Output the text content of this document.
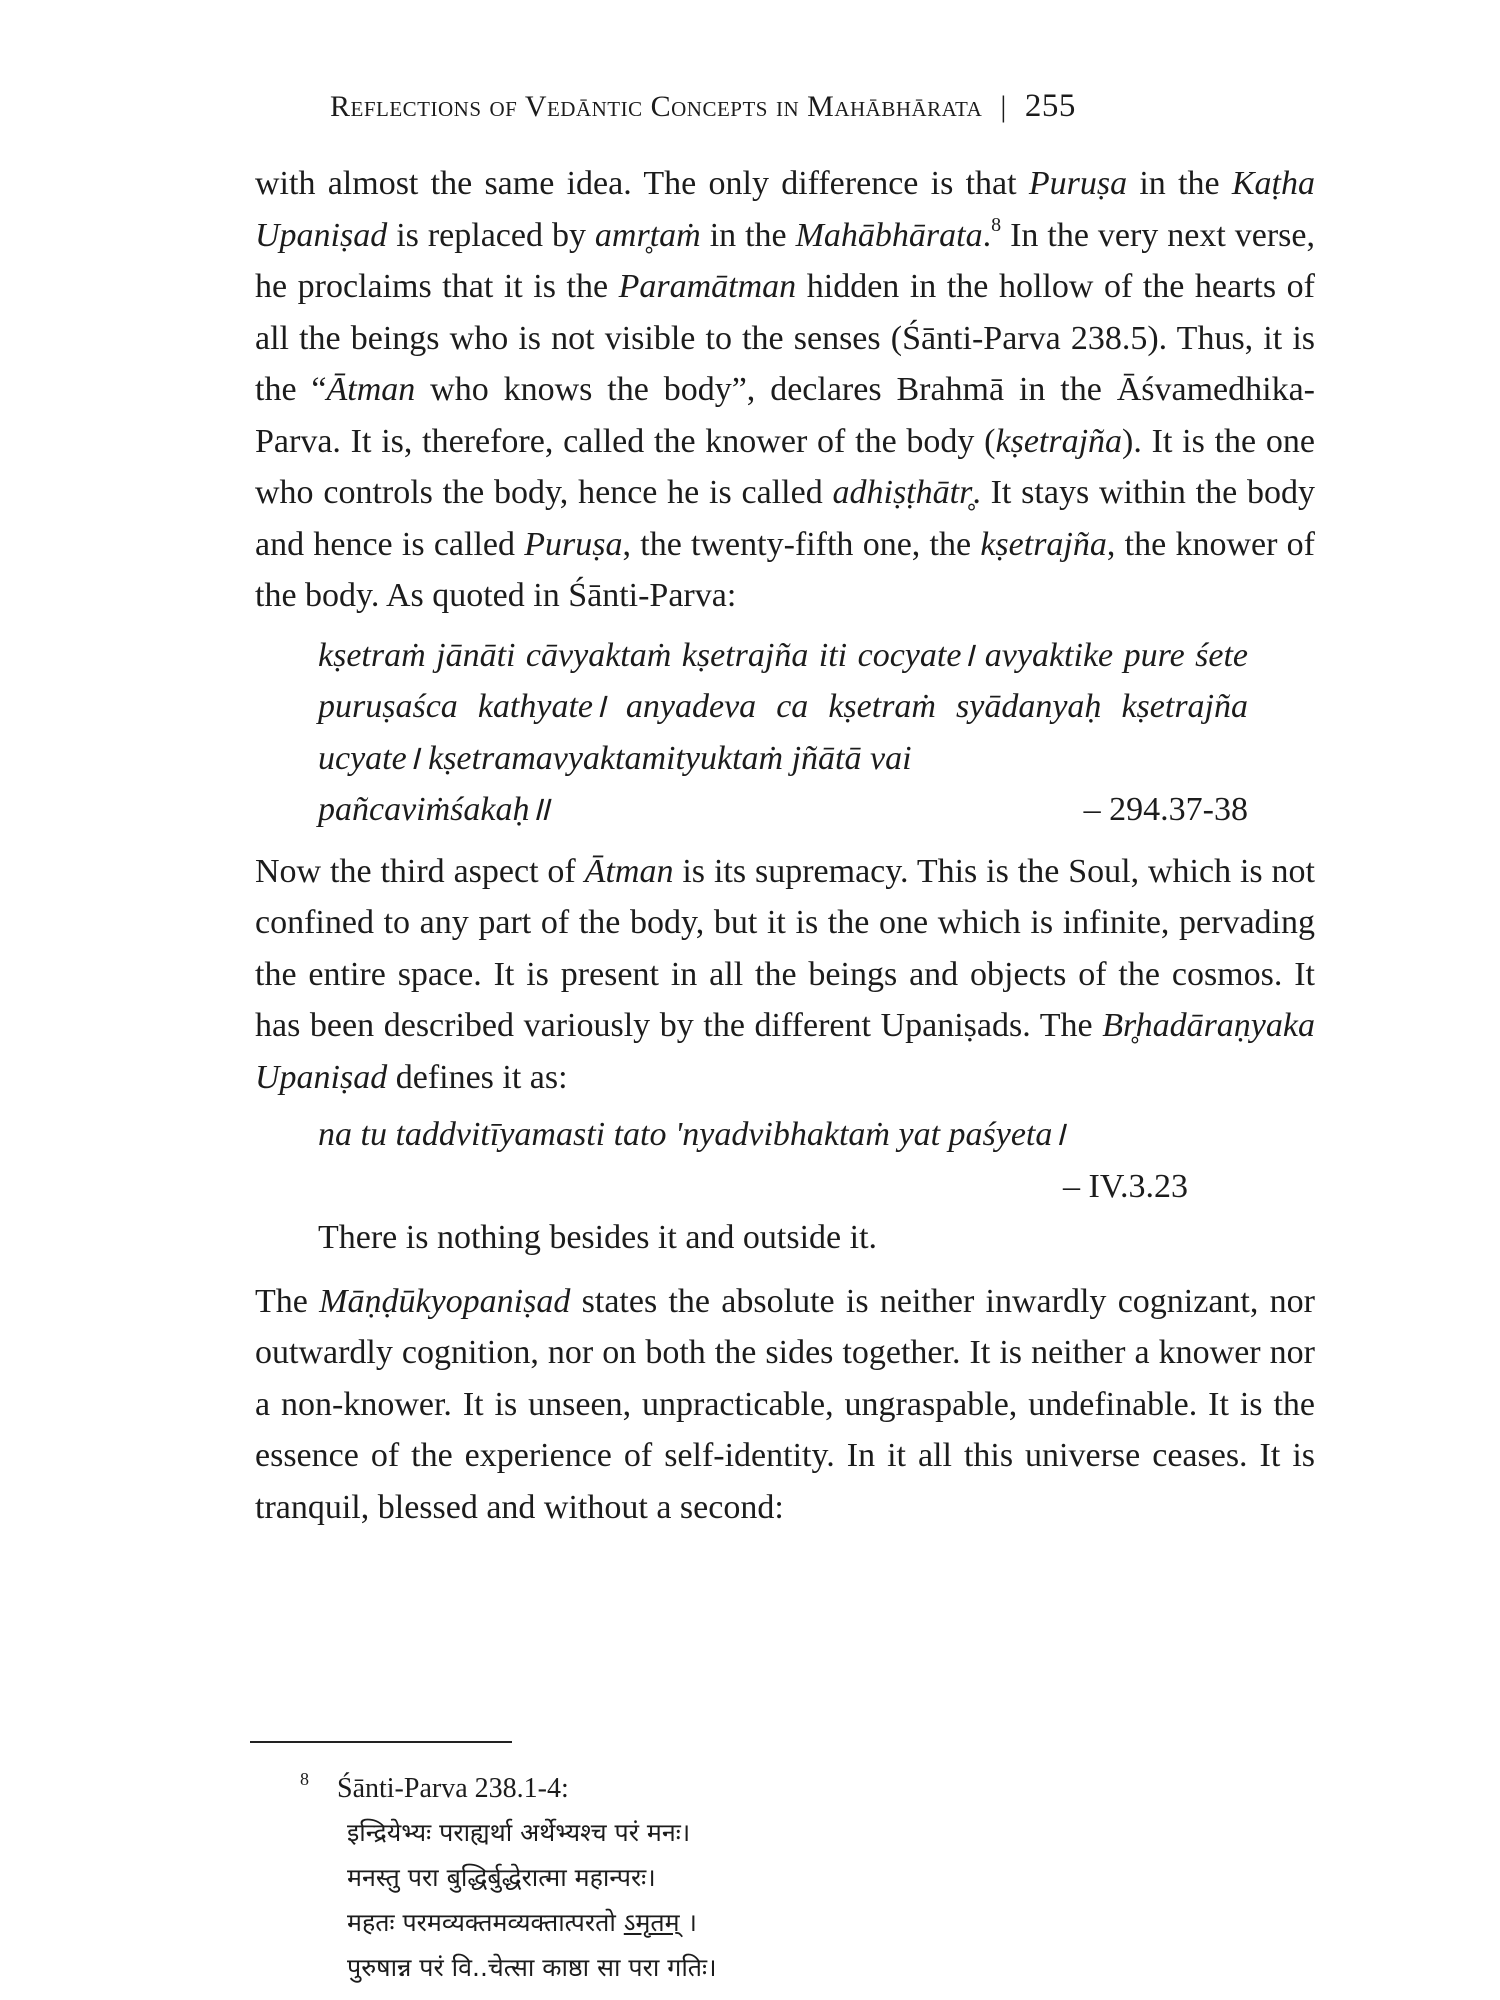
Reflections of Vedāntic Concepts in Mahābhārata | 255

with almost the same idea. The only difference is that Puruṣa in the Kaṭha Upaniṣad is replaced by amr̥taṁ in the Mahābhārata.$^8$ In the very next verse, he proclaims that it is the Paramātman hidden in the hollow of the hearts of all the beings who is not visible to the senses (Śānti-Parva 238.5). Thus, it is the “Ātman who knows the body”, declares Brahmā in the Āśvamedhika-Parva. It is, therefore, called the knower of the body (kṣetrajña). It is the one who controls the body, hence he is called adhiṣṭhātr̥. It stays within the body and hence is called Puruṣa, the twenty-fifth one, the kṣetrajña, the knower of the body. As quoted in Śānti-Parva:

kṣetraṁ jānāti cāvyaktaṁ kṣetrajña iti cocyate। avyaktike pure śete puruṣaśca kathyate। anyadeva ca kṣetraṁ syādanyaḥ kṣetrajña ucyate। kṣetramavyaktamityuktaṁ jñātā vai
pañcaviṁśakaḥ॥	– 294.37-38

Now the third aspect of Ātman is its supremacy. This is the Soul, which is not confined to any part of the body, but it is the one which is infinite, pervading the entire space. It is present in all the beings and objects of the cosmos. It has been described variously by the different Upaniṣads. The Br̥hadāraṇyaka Upaniṣad defines it as:

na tu taddvitīyamasti tato 'nyadvibhaktaṁ yat paśyeta।
– IV.3.23
There is nothing besides it and outside it.

The Māṇḍūkyopaniṣad states the absolute is neither inwardly cognizant, nor outwardly cognition, nor on both the sides together. It is neither a knower nor a non-knower. It is unseen, unpracticable, ungraspable, undefinable. It is the essence of the experience of self-identity. In it all this universe ceases. It is tranquil, blessed and without a second:

$^8$ Śānti-Parva 238.1-4:
इन्द्रियेभ्यः पराह्यर्था अर्थेभ्यश्च परं मनः।
मनस्तु परा बुद्धिर्बुद्धेरात्मा महान्परः।
महतः परमव्यक्तमव्यक्तात्परतो ऽमृतम् ।
पुरुषान्न परं वि..चेत्सा काष्ठा सा परा गतिः।
